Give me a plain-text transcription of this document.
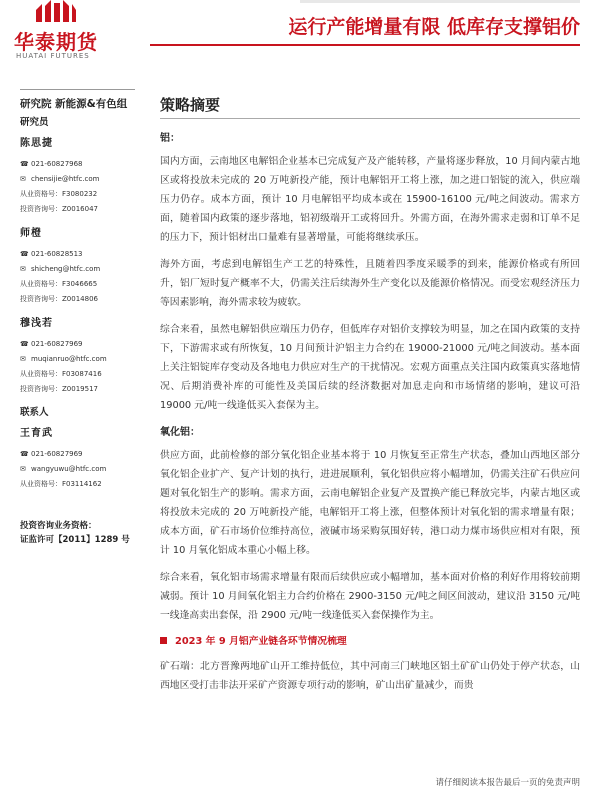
华泰期货
HUATAI FUTURES
运行产能增量有限 低库存支撑铝价
研究院 新能源&有色组
研究员
陈思捷
☎ 021-60827968
✉ chensijie@htfc.com
从业资格号：F3080232
投资咨询号：Z0016047
师橙
☎ 021-60828513
✉ shicheng@htfc.com
从业资格号：F3046665
投资咨询号：Z0014806
穆浅若
☎ 021-60827969
✉ muqianruo@htfc.com
从业资格号：F03087416
投资咨询号：Z0019517
联系人
王育武
☎ 021-60827969
✉ wangyuwu@htfc.com
从业资格号：F03114162
投资咨询业务资格：
证监许可【2011】1289 号
策略摘要
铝：

国内方面，云南地区电解铝企业基本已完成复产及产能转移，产量将逐步释放，10 月间内蒙古地区或将投放未完成的 20 万吨新投产能，预计电解铝开工将上涨，加之进口铝锭的流入，供应端压力仍存。成本方面，预计 10 月电解铝平均成本或在 15900-16100 元/吨之间波动。需求方面，随着国内政策的逐步落地，铝初级端开工或将回升。外需方面，在海外需求走弱和订单不足的压力下，预计铝材出口量难有显著增量，可能将继续承压。

海外方面，考虑到电解铝生产工艺的特殊性，且随着四季度采暖季的到来，能源价格或有所回升，铝厂短时复产概率不大，仍需关注后续海外生产变化以及能源价格情况。而受宏观经济压力等因素影响，海外需求较为疲软。

综合来看，虽然电解铝供应端压力仍存，但低库存对铝价支撑较为明显，加之在国内政策的支持下，下游需求或有所恢复，10 月间预计沪铝主力合约在 19000-21000 元/吨之间波动。基本面上关注铝锭库存变动及各地电力供应对生产的干扰情况。宏观方面重点关注国内政策真实落地情况、后期消费补库的可能性及美国后续的经济数据对加息走向和市场情绪的影响，建议可沿 19000 元/吨一线逢低买入套保为主。

氧化铝：

供应方面，此前检修的部分氧化铝企业基本将于 10 月恢复至正常生产状态，叠加山西地区部分氧化铝企业扩产、复产计划的执行，进进展顺利，氧化铝供应将小幅增加，仍需关注矿石供应问题对氧化铝生产的影响。需求方面，云南电解铝企业复产及置换产能已释放完毕，内蒙古地区或将投放未完成的 20 万吨新投产能，电解铝开工将上涨，但整体预计对氧化铝的需求增量有限；成本方面，矿石市场价位维持高位，液碱市场采购氛围好转，港口动力煤市场供应相对有限，预计 10 月氧化铝成本重心小幅上移。

综合来看，氧化铝市场需求增量有限而后续供应或小幅增加，基本面对价格的利好作用将较前期减弱。预计 10 月间氧化铝主力合约价格在 2900-3150 元/吨之间区间波动，建议沿 3150 元/吨一线逢高卖出套保，沿 2900 元/吨一线逢低买入套保操作为主。

2023 年 9 月铝产业链各环节情况梳理

矿石端：北方晋豫两地矿山开工维持低位，其中河南三门峡地区铝土矿矿山仍处于停产状态，山西地区受打击非法开采矿产资源专项行动的影响，矿山出矿量减少，而贵

请仔细阅读本报告最后一页的免责声明
